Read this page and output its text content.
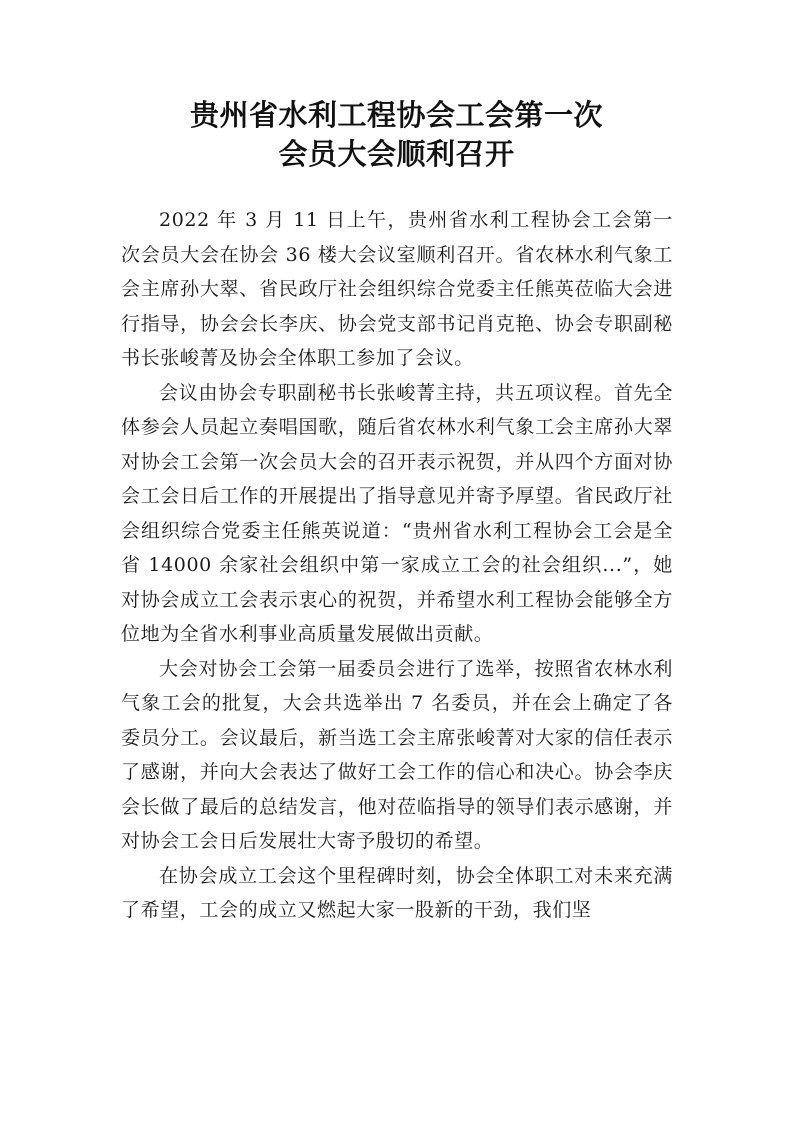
贵州省水利工程协会工会第一次
会员大会顺利召开

2022 年 3 月 11 日上午，贵州省水利工程协会工会第一次会员大会在协会 36 楼大会议室顺利召开。省农林水利气象工会主席孙大翠、省民政厅社会组织综合党委主任熊英莅临大会进行指导，协会会长李庆、协会党支部书记肖克艳、协会专职副秘书长张峻菁及协会全体职工参加了会议。

会议由协会专职副秘书长张峻菁主持，共五项议程。首先全体参会人员起立奏唱国歌，随后省农林水利气象工会主席孙大翠对协会工会第一次会员大会的召开表示祝贺，并从四个方面对协会工会日后工作的开展提出了指导意见并寄予厚望。省民政厅社会组织综合党委主任熊英说道：“贵州省水利工程协会工会是全省 14000 余家社会组织中第一家成立工会的社会组织...”，她对协会成立工会表示衷心的祝贺，并希望水利工程协会能够全方位地为全省水利事业高质量发展做出贡献。

大会对协会工会第一届委员会进行了选举，按照省农林水利气象工会的批复，大会共选举出 7 名委员，并在会上确定了各委员分工。会议最后，新当选工会主席张峻菁对大家的信任表示了感谢，并向大会表达了做好工会工作的信心和决心。协会李庆会长做了最后的总结发言，他对莅临指导的领导们表示感谢，并对协会工会日后发展壮大寄予殷切的希望。

在协会成立工会这个里程碑时刻，协会全体职工对未来充满了希望，工会的成立又燃起大家一股新的干劲，我们坚
